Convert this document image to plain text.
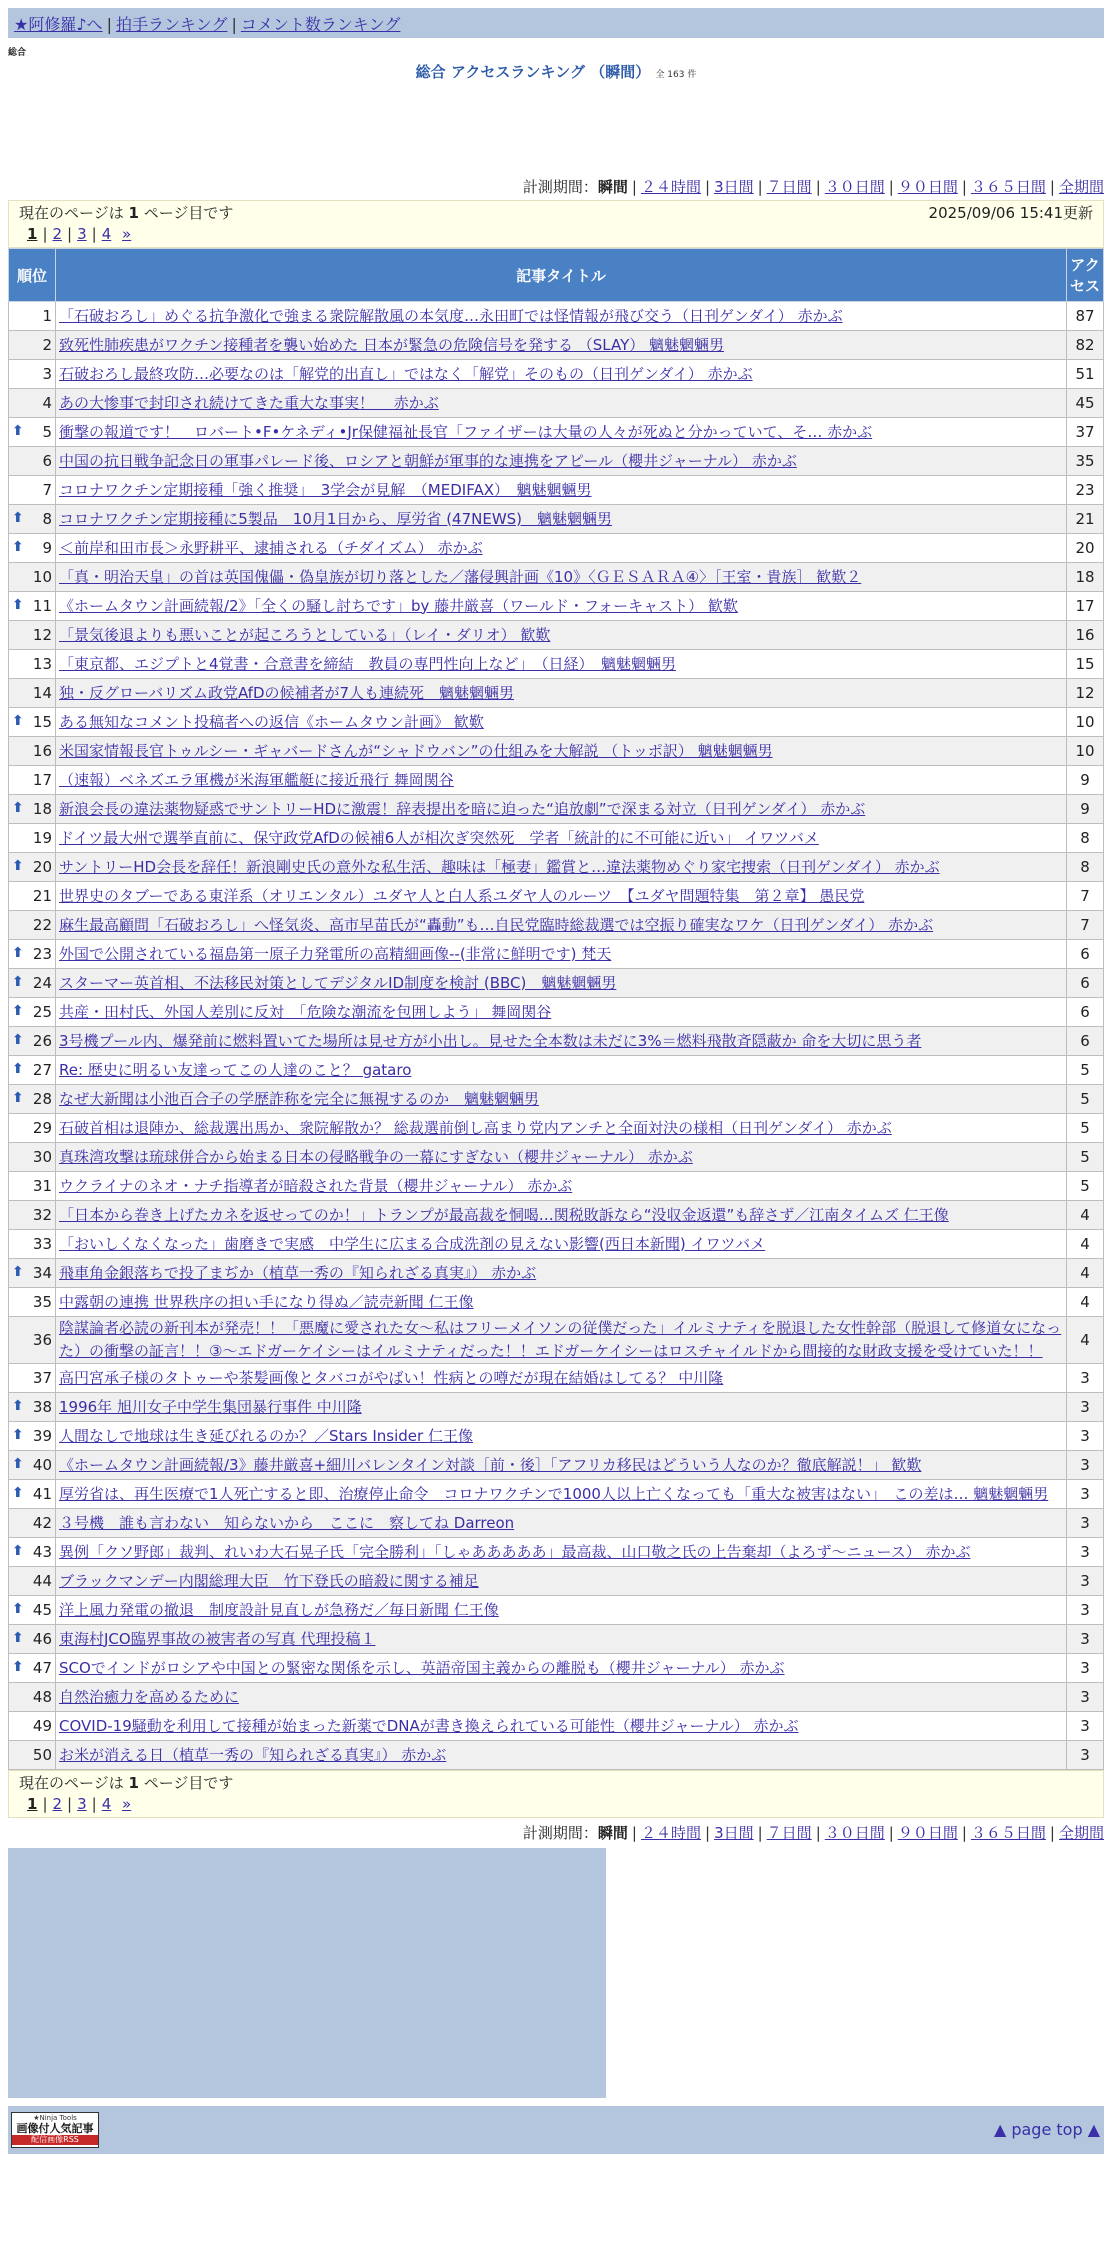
★阿修羅♪へ | 拍手ランキング | コメント数ランキング
総合
総合 アクセスランキング （瞬間） 全 163 件
計測期間：瞬間 | ２４時間 | 3日間 | ７日間 | ３０日間 | ９０日間 | ３６５日間 | 全期間
現在のページは 1 ページ目です	2025/09/06 15:41更新
1 | 2 | 3 | 4 »
順位	記事タイトル	アクセス
1	「石破おろし」めぐる抗争激化で強まる衆院解散風の本気度…永田町では怪情報が飛び交う（日刊ゲンダイ） 赤かぶ	87
2	致死性肺疾患がワクチン接種者を襲い始めた 日本が緊急の危険信号を発する （SLAY） 魑魅魍魎男	82
3	石破おろし最終攻防…必要なのは「解党的出直し」ではなく「解党」そのもの（日刊ゲンダイ） 赤かぶ	51
4	あの大惨事で封印され続けてきた重大な事実！　 赤かぶ	45

⬆ 5	衝撃の報道です！　ロバート•F•ケネディ•Jr保健福祉長官「ファイザーは大量の人々が死ぬと分かっていて、そ… 赤かぶ	37
6	中国の抗日戦争記念日の軍事パレード後、ロシアと朝鮮が軍事的な連携をアピール（櫻井ジャーナル） 赤かぶ	35
7	コロナワクチン定期接種「強く推奨」　3学会が見解　（MEDIFAX）　魑魅魍魎男	23

⬆ 8	コロナワクチン定期接種に5製品　10月1日から、厚労省 (47NEWS)　魑魅魍魎男	21

⬆ 9	＜前岸和田市長＞永野耕平、逮捕される（チダイズム） 赤かぶ	20
10	「真・明治天皇」の首は英国傀儡・偽皇族が切り落とした／藩侵興計画《10》〈ＧＥＳＡＲＡ④〉［王室・貴族］ 歓歎２	18

⬆ 11	《ホームタウン計画続報/2》「全くの騒し討ちです」by 藤井厳喜（ワールド・フォーキャスト） 歓歎	17
12	「景気後退よりも悪いことが起ころうとしている」（レイ・ダリオ） 歓歎	16
13	「東京都、エジプトと4覚書・合意書を締結　教員の専門性向上など」　（日経）　魑魅魍魎男	15
14	独・反グローバリズム政党AfDの候補者が7人も連続死　魑魅魍魎男	12

⬆ 15	ある無知なコメント投稿者への返信《ホームタウン計画》 歓歎	10
16	米国家情報長官トゥルシー・ギャバードさんが“シャドウバン”の仕組みを大解説 （トッポ訳） 魑魅魍魎男	10
17	（速報）ベネズエラ軍機が米海軍艦艇に接近飛行 舞岡関谷	9

⬆ 18	新浪会長の違法薬物疑惑でサントリーHDに激震！辞表提出を暗に迫った“追放劇”で深まる対立（日刊ゲンダイ） 赤かぶ	9
19	ドイツ最大州で選挙直前に、保守政党AfDの候補6人が相次ぎ突然死　学者「統計的に不可能に近い」 イワツバメ	8

⬆ 20	サントリーHD会長を辞任！新浪剛史氏の意外な私生活、趣味は「極妻」鑑賞と…違法薬物めぐり家宅捜索（日刊ゲンダイ） 赤かぶ	8
21	世界史のタブーである東洋系（オリエンタル）ユダヤ人と白人系ユダヤ人のルーツ　【ユダヤ問題特集　第２章】 愚民党	7
22	麻生最高顧問「石破おろし」へ怪気炎、高市早苗氏が“轟動”も…自民党臨時総裁選では空振り確実なワケ（日刊ゲンダイ） 赤かぶ	7

⬆ 23	外国で公開されている福島第一原子力発電所の高精細画像--(非常に鮮明です) 梵天	6

⬆ 24	スターマー英首相、不法移民対策としてデジタルID制度を検討 (BBC)　魑魅魍魎男	6

⬆ 25	共産・田村氏、外国人差別に反対　「危険な潮流を包囲しよう」 舞岡関谷	6

⬆ 26	3号機プール内、爆発前に燃料置いてた場所は見せ方が小出し。見せた全本数は未だに3%＝燃料飛散斉隠蔽か 命を大切に思う者	6

⬆ 27	Re: 歴史に明るい友達ってこの人達のこと？ gataro	5

⬆ 28	なぜ大新聞は小池百合子の学歴詐称を完全に無視するのか　魑魅魍魎男	5
29	石破首相は退陣か、総裁選出馬か、衆院解散か？ 総裁選前倒し高まり党内アンチと全面対決の様相（日刊ゲンダイ） 赤かぶ	5
30	真珠湾攻撃は琉球併合から始まる日本の侵略戦争の一幕にすぎない（櫻井ジャーナル） 赤かぶ	5
31	ウクライナのネオ・ナチ指導者が暗殺された背景（櫻井ジャーナル） 赤かぶ	5
32	「日本から巻き上げたカネを返せってのか！」トランプが最高裁を恫喝…関税敗訴なら“没収金返還”も辞さず／江南タイムズ 仁王像	4
33	「おいしくなくなった」歯磨きで実感　中学生に広まる合成洗剤の見えない影響(西日本新聞) イワツバメ	4

⬆ 34	飛車角金銀落ちで投了まぢか（植草一秀の『知られざる真実』） 赤かぶ	4
35	中露朝の連携 世界秩序の担い手になり得ぬ／読売新聞 仁王像	4
36	陰謀論者必読の新刊本が発売！！「悪魔に愛された女～私はフリーメイソンの従僕だった」イルミナティを脱退した女性幹部（脱退して修道女になった）の衝撃の証言！！③～エドガーケイシーはイルミナティだった！！エドガーケイシーはロスチャイルドから間接的な財政支援を受けていた！！	4
37	高円宮承子様のタトゥーや茶髪画像とタバコがやばい！性病との噂だが現在結婚はしてる？ 中川隆	3

⬆ 38	1996年 旭川女子中学生集団暴行事件 中川隆	3

⬆ 39	人間なしで地球は生き延びれるのか？／Stars Insider 仁王像	3

⬆ 40	《ホームタウン計画続報/3》藤井厳喜+細川バレンタイン対談［前・後］「アフリカ移民はどういう人なのか？徹底解説！」 歓歎	3

⬆ 41	厚労省は、再生医療で1人死亡すると即、治療停止命令　コロナワクチンで1000人以上亡くなっても「重大な被害はない」　この差は… 魑魅魍魎男	3
42	３号機　誰も言わない　知らないから　ここに　察してね Darreon	3

⬆ 43	異例「クソ野郎」裁判、れいわ大石晃子氏「完全勝利」「しゃあああああ」最高裁、山口敬之氏の上告棄却（よろず～ニュース） 赤かぶ	3
44	ブラックマンデー内閣総理大臣　竹下登氏の暗殺に関する補足	3

⬆ 45	洋上風力発電の撤退　制度設計見直しが急務だ／毎日新聞 仁王像	3

⬆ 46	東海村JCO臨界事故の被害者の写真 代理投稿１	3

⬆ 47	SCOでインドがロシアや中国との緊密な関係を示し、英語帝国主義からの離脱も（櫻井ジャーナル） 赤かぶ	3
48	自然治癒力を高めるために	3
49	COVID-19騒動を利用して接種が始まった新薬でDNAが書き換えられている可能性（櫻井ジャーナル） 赤かぶ	3
50	お米が消える日（植草一秀の『知られざる真実』） 赤かぶ	3
現在のページは 1 ページ目です
1 | 2 | 3 | 4 »
計測期間：瞬間 | ２４時間 | 3日間 | ７日間 | ３０日間 | ９０日間 | ３６５日間 | 全期間
★Ninja Tools
画像付人気記事
配信画像RSS
▲ page top ▲
